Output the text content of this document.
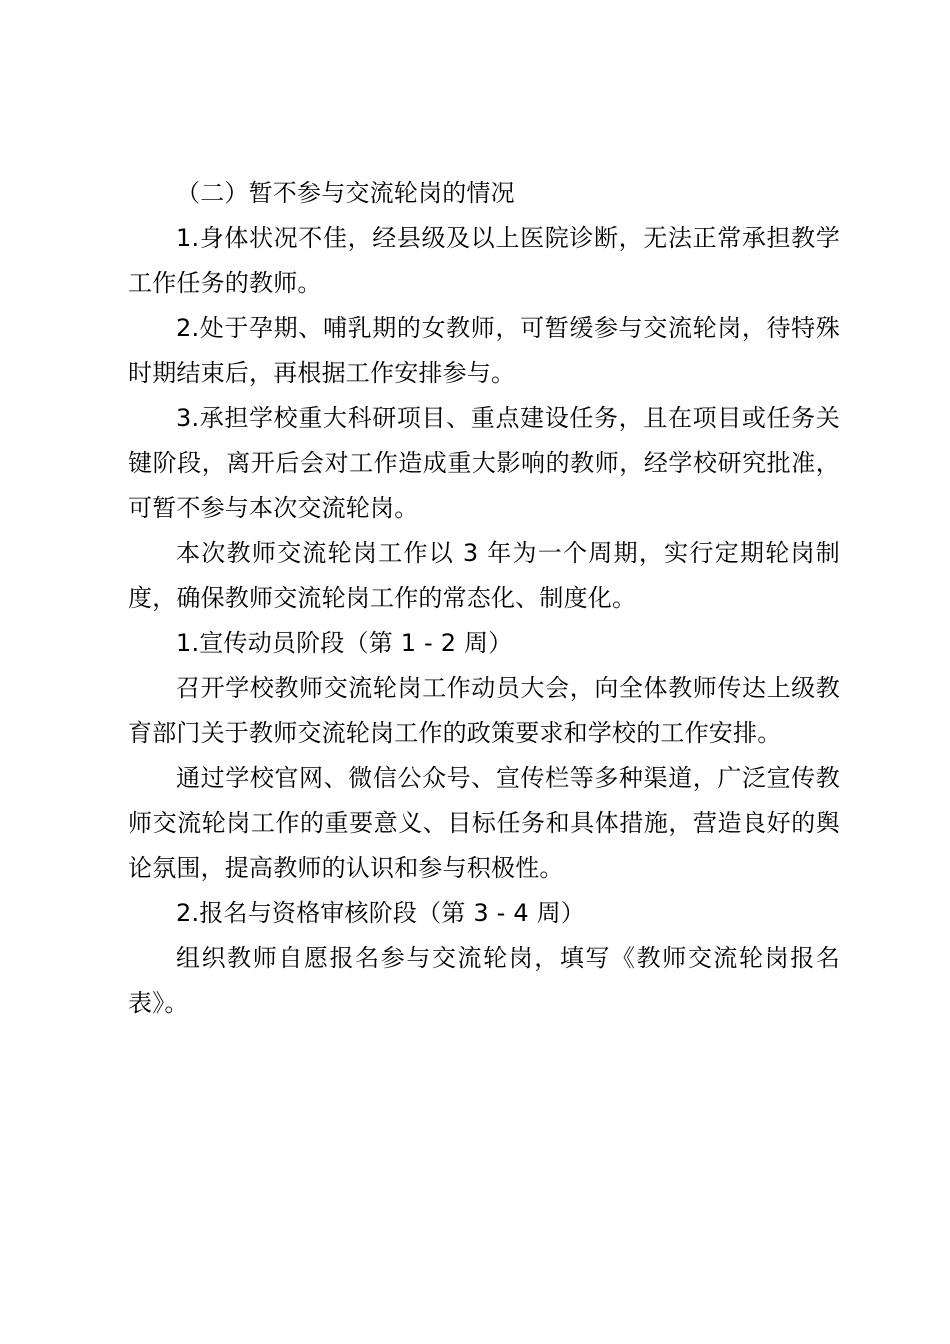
（二）暂不参与交流轮岗的情况

1.身体状况不佳，经县级及以上医院诊断，无法正常承担教学工作任务的教师。

2.处于孕期、哺乳期的女教师，可暂缓参与交流轮岗，待特殊时期结束后，再根据工作安排参与。

3.承担学校重大科研项目、重点建设任务，且在项目或任务关键阶段，离开后会对工作造成重大影响的教师，经学校研究批准，可暂不参与本次交流轮岗。

本次教师交流轮岗工作以 3 年为一个周期，实行定期轮岗制度，确保教师交流轮岗工作的常态化、制度化。

1.宣传动员阶段（第 1 - 2 周）

召开学校教师交流轮岗工作动员大会，向全体教师传达上级教育部门关于教师交流轮岗工作的政策要求和学校的工作安排。

通过学校官网、微信公众号、宣传栏等多种渠道，广泛宣传教师交流轮岗工作的重要意义、目标任务和具体措施，营造良好的舆论氛围，提高教师的认识和参与积极性。

2.报名与资格审核阶段（第 3 - 4 周）

组织教师自愿报名参与交流轮岗，填写《教师交流轮岗报名表》。
